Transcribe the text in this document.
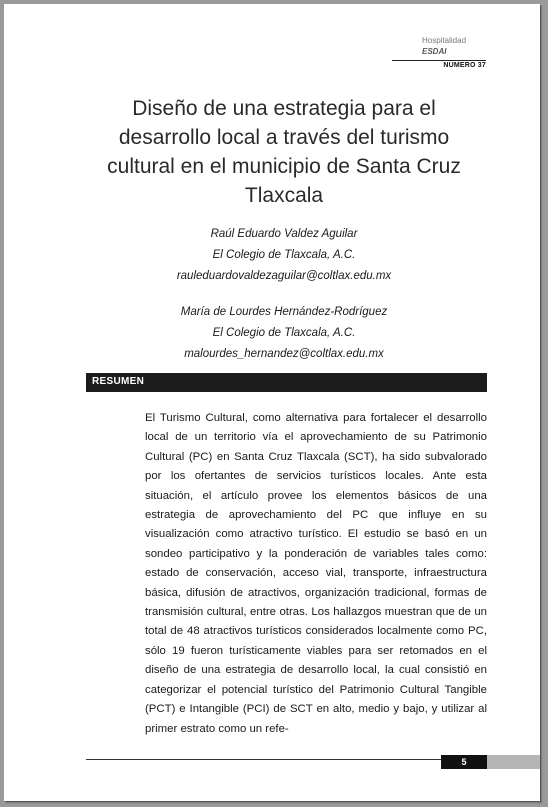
Hospitalidad
ESDAI
NÚMERO 37
Diseño de una estrategia para el desarrollo local a través del turismo cultural en el municipio de Santa Cruz Tlaxcala
Raúl Eduardo Valdez Aguilar
El Colegio de Tlaxcala, A.C.
rauleduardovaldezaguilar@coltlax.edu.mx
María de Lourdes Hernández-Rodríguez
El Colegio de Tlaxcala, A.C.
malourdes_hernandez@coltlax.edu.mx
RESUMEN

El Turismo Cultural, como alternativa para fortalecer el desarrollo local de un territorio vía el aprovechamiento de su Patrimonio Cultural (PC) en Santa Cruz Tlaxcala (SCT), ha sido subvalorado por los ofertantes de servicios turísticos locales. Ante esta situación, el artículo provee los elementos básicos de una estrategia de aprovechamiento del PC que influye en su visualización como atractivo turístico. El estudio se basó en un sondeo participativo y la ponderación de variables tales como: estado de conservación, acceso vial, transporte, infraestructura básica, difusión de atractivos, organización tradicional, formas de transmisión cultural, entre otras. Los hallazgos muestran que de un total de 48 atractivos turísticos considerados localmente como PC, sólo 19 fueron turísticamente viables para ser retomados en el diseño de una estrategia de desarrollo local, la cual consistió en categorizar el potencial turístico del Patrimonio Cultural Tangible (PCT) e Intangible (PCI) de SCT en alto, medio y bajo, y utilizar al primer estrato como un refe-

5
